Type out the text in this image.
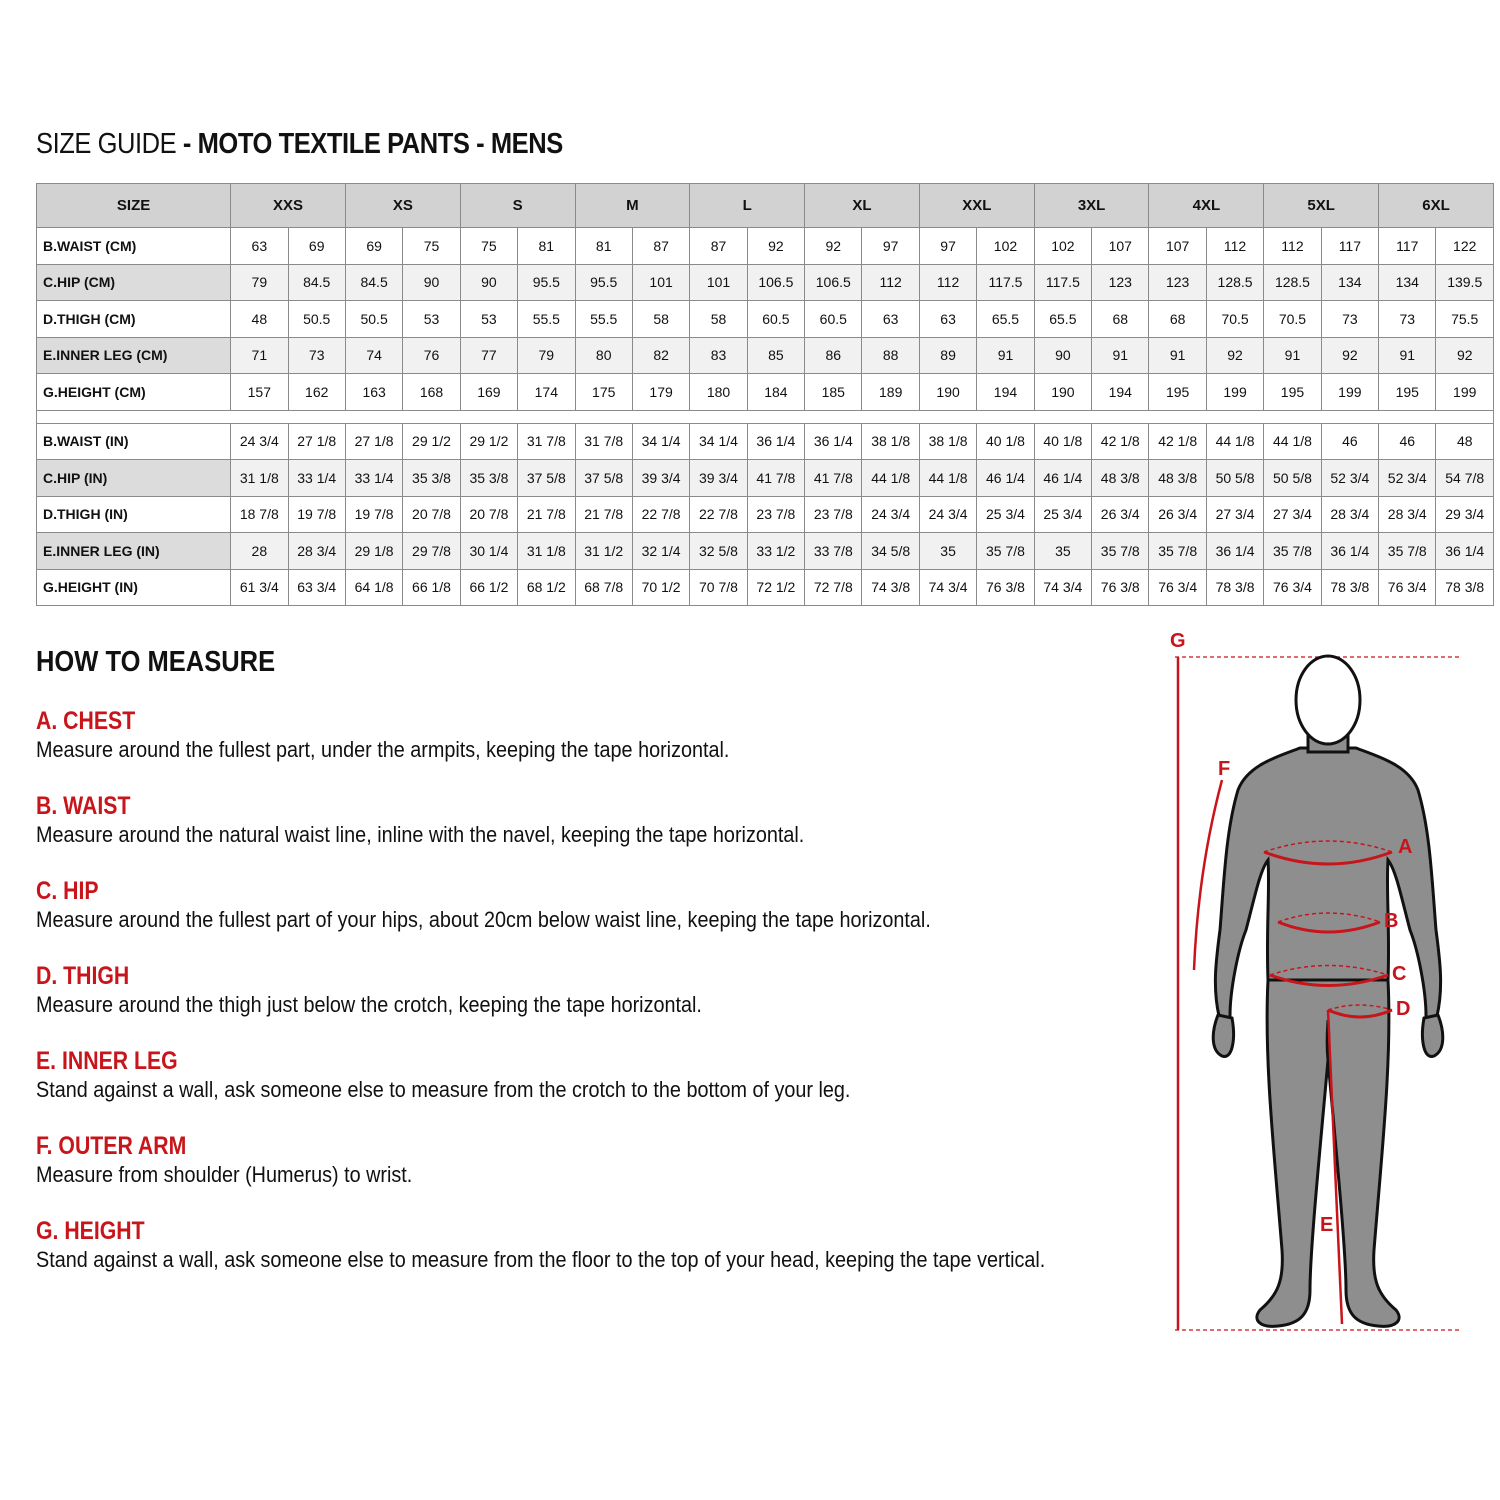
SIZE GUIDE - MOTO TEXTILE PANTS - MENS
SIZE	XXS		XS		S		M		L		XL		XXL		3XL		4XL		5XL		6XL	
B.WAIST (CM)	63	69	69	75	75	81	81	87	87	92	92	97	97	102	102	107	107	112	112	117	117	122
C.HIP (CM)	79	84.5	84.5	90	90	95.5	95.5	101	101	106.5	106.5	112	112	117.5	117.5	123	123	128.5	128.5	134	134	139.5
D.THIGH (CM)	48	50.5	50.5	53	53	55.5	55.5	58	58	60.5	60.5	63	63	65.5	65.5	68	68	70.5	70.5	73	73	75.5
E.INNER LEG (CM)	71	73	74	76	77	79	80	82	83	85	86	88	89	91	90	91	91	92	91	92	91	92
G.HEIGHT (CM)	157	162	163	168	169	174	175	179	180	184	185	189	190	194	190	194	195	199	195	199	195	199

B.WAIST (IN)	24 3/4	27 1/8	27 1/8	29 1/2	29 1/2	31 7/8	31 7/8	34 1/4	34 1/4	36 1/4	36 1/4	38 1/8	38 1/8	40 1/8	40 1/8	42 1/8	42 1/8	44 1/8	44 1/8	46	46	48
C.HIP (IN)	31 1/8	33 1/4	33 1/4	35 3/8	35 3/8	37 5/8	37 5/8	39 3/4	39 3/4	41 7/8	41 7/8	44 1/8	44 1/8	46 1/4	46 1/4	48 3/8	48 3/8	50 5/8	50 5/8	52 3/4	52 3/4	54 7/8
D.THIGH (IN)	18 7/8	19 7/8	19 7/8	20 7/8	20 7/8	21 7/8	21 7/8	22 7/8	22 7/8	23 7/8	23 7/8	24 3/4	24 3/4	25 3/4	25 3/4	26 3/4	26 3/4	27 3/4	27 3/4	28 3/4	28 3/4	29 3/4
E.INNER LEG (IN)	28	28 3/4	29 1/8	29 7/8	30 1/4	31 1/8	31 1/2	32 1/4	32 5/8	33 1/2	33 7/8	34 5/8	35	35 7/8	35	35 7/8	35 7/8	36 1/4	35 7/8	36 1/4	35 7/8	36 1/4
G.HEIGHT (IN)	61 3/4	63 3/4	64 1/8	66 1/8	66 1/2	68 1/2	68 7/8	70 1/2	70 7/8	72 1/2	72 7/8	74 3/8	74 3/4	76 3/8	74 3/4	76 3/8	76 3/4	78 3/8	76 3/4	78 3/8	76 3/4	78 3/8
HOW TO MEASURE
A. CHEST
Measure around the fullest part, under the armpits, keeping the tape horizontal.
B. WAIST
Measure around the natural waist line, inline with the navel, keeping the tape horizontal.
C. HIP
Measure around the fullest part of your hips, about 20cm below waist line, keeping the tape horizontal.
D. THIGH
Measure around the thigh just below the crotch, keeping the tape horizontal.
E. INNER LEG
Stand against a wall, ask someone else to measure from the crotch to the bottom of your leg.
F. OUTER ARM
Measure from shoulder (Humerus) to wrist.
G. HEIGHT
Stand against a wall, ask someone else to measure from the floor to the top of your head, keeping the tape vertical.
G
F
A
B
C
D
E
